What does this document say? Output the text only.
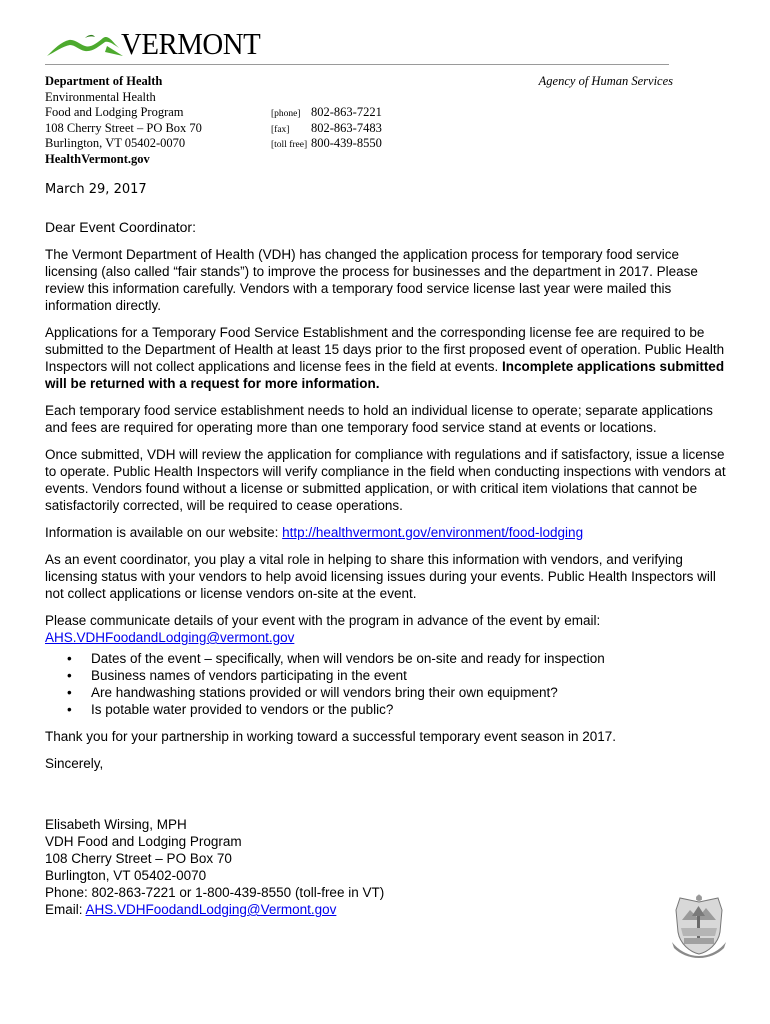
VERMONT
Department of Health
Environmental Health
Food and Lodging Program
108 Cherry Street – PO Box 70
Burlington, VT 05402-0070
HealthVermont.gov
Agency of Human Services
[phone] 802-863-7221
[fax] 802-863-7483
[toll free] 800-439-8550
March 29, 2017

Dear Event Coordinator:

The Vermont Department of Health (VDH) has changed the application process for temporary food service licensing (also called “fair stands”) to improve the process for businesses and the department in 2017. Please review this information carefully. Vendors with a temporary food service license last year were mailed this information directly.

Applications for a Temporary Food Service Establishment and the corresponding license fee are required to be submitted to the Department of Health at least 15 days prior to the first proposed event of operation. Public Health Inspectors will not collect applications and license fees in the field at events. Incomplete applications submitted will be returned with a request for more information.

Each temporary food service establishment needs to hold an individual license to operate; separate applications and fees are required for operating more than one temporary food service stand at events or locations.

Once submitted, VDH will review the application for compliance with regulations and if satisfactory, issue a license to operate. Public Health Inspectors will verify compliance in the field when conducting inspections with vendors at events. Vendors found without a license or submitted application, or with critical item violations that cannot be satisfactorily corrected, will be required to cease operations.

Information is available on our website: http://healthvermont.gov/environment/food-lodging

As an event coordinator, you play a vital role in helping to share this information with vendors, and verifying licensing status with your vendors to help avoid licensing issues during your events. Public Health Inspectors will not collect applications or license vendors on-site at the event.

Please communicate details of your event with the program in advance of the event by email:
AHS.VDHFoodandLodging@vermont.gov

• Dates of the event – specifically, when will vendors be on-site and ready for inspection
• Business names of vendors participating in the event
• Are handwashing stations provided or will vendors bring their own equipment?
• Is potable water provided to vendors or the public?

Thank you for your partnership in working toward a successful temporary event season in 2017.

Sincerely,

Elisabeth Wirsing, MPH
VDH Food and Lodging Program
108 Cherry Street – PO Box 70
Burlington, VT 05402-0070
Phone: 802-863-7221 or 1-800-439-8550 (toll-free in VT)
Email: AHS.VDHFoodandLodging@Vermont.gov
